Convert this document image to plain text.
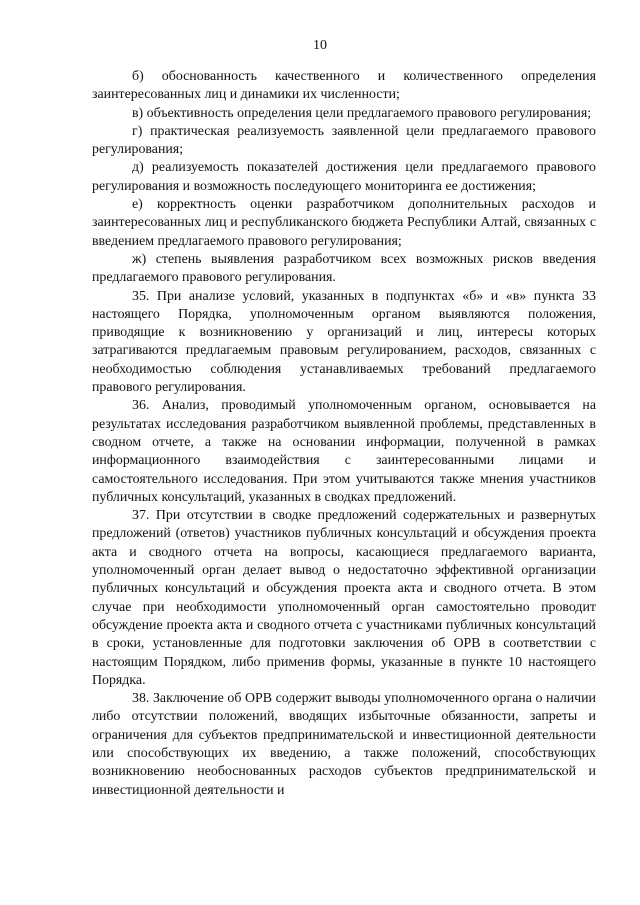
10

б) обоснованность качественного и количественного определения заинтересованных лиц и динамики их численности;

в) объективность определения цели предлагаемого правового регулирования;

г) практическая реализуемость заявленной цели предлагаемого правового регулирования;

д) реализуемость показателей достижения цели предлагаемого правового регулирования и возможность последующего мониторинга ее достижения;

е) корректность оценки разработчиком дополнительных расходов и заинтересованных лиц и республиканского бюджета Республики Алтай, связанных с введением предлагаемого правового регулирования;

ж) степень выявления разработчиком всех возможных рисков введения предлагаемого правового регулирования.

35. При анализе условий, указанных в подпунктах «б» и «в» пункта 33 настоящего Порядка, уполномоченным органом выявляются положения, приводящие к возникновению у организаций и лиц, интересы которых затрагиваются предлагаемым правовым регулированием, расходов, связанных с необходимостью соблюдения устанавливаемых требований предлагаемого правового регулирования.

36. Анализ, проводимый уполномоченным органом, основывается на результатах исследования разработчиком выявленной проблемы, представленных в сводном отчете, а также на основании информации, полученной в рамках информационного взаимодействия с заинтересованными лицами и самостоятельного исследования. При этом учитываются также мнения участников публичных консультаций, указанных в сводках предложений.

37. При отсутствии в сводке предложений содержательных и развернутых предложений (ответов) участников публичных консультаций и обсуждения проекта акта и сводного отчета на вопросы, касающиеся предлагаемого варианта, уполномоченный орган делает вывод о недостаточно эффективной организации публичных консультаций и обсуждения проекта акта и сводного отчета. В этом случае при необходимости уполномоченный орган самостоятельно проводит обсуждение проекта акта и сводного отчета с участниками публичных консультаций в сроки, установленные для подготовки заключения об ОРВ в соответствии с настоящим Порядком, либо применив формы, указанные в пункте 10 настоящего Порядка.

38. Заключение об ОРВ содержит выводы уполномоченного органа о наличии либо отсутствии положений, вводящих избыточные обязанности, запреты и ограничения для субъектов предпринимательской и инвестиционной деятельности или способствующих их введению, а также положений, способствующих возникновению необоснованных расходов субъектов предпринимательской и инвестиционной деятельности и
